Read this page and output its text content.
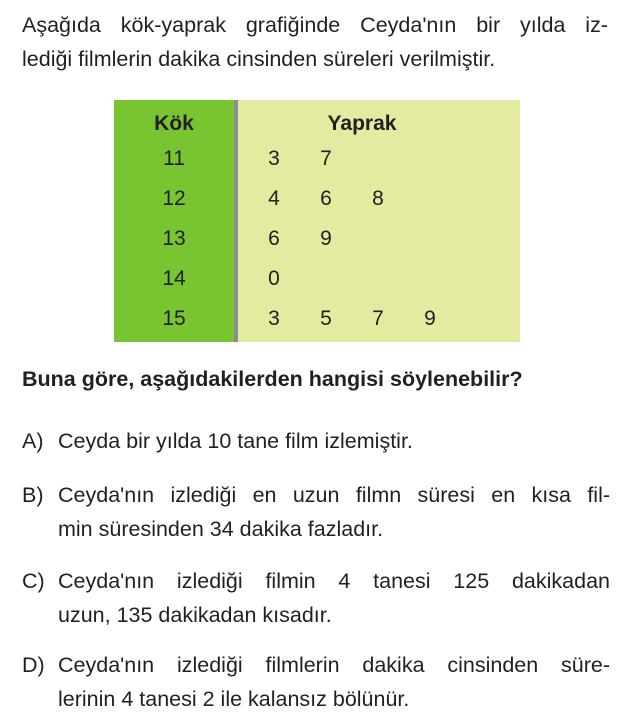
Aşağıda kök-yaprak grafiğinde Ceyda'nın bir yılda iz-
lediği filmlerin dakika cinsinden süreleri verilmiştir.
Kök	Yaprak
11	3 7
12	4 6 8
13	6 9
14	0
15	3 5 7 9
Buna göre, aşağıdakilerden hangisi söylenebilir?
A) Ceyda bir yılda 10 tane film izlemiştir.
B) Ceyda'nın izlediği en uzun filmn süresi en kısa fil-
min süresinden 34 dakika fazladır.
C) Ceyda'nın izlediği filmin 4 tanesi 125 dakikadan
uzun, 135 dakikadan kısadır.
D) Ceyda'nın izlediği filmlerin dakika cinsinden süre-
lerinin 4 tanesi 2 ile kalansız bölünür.
